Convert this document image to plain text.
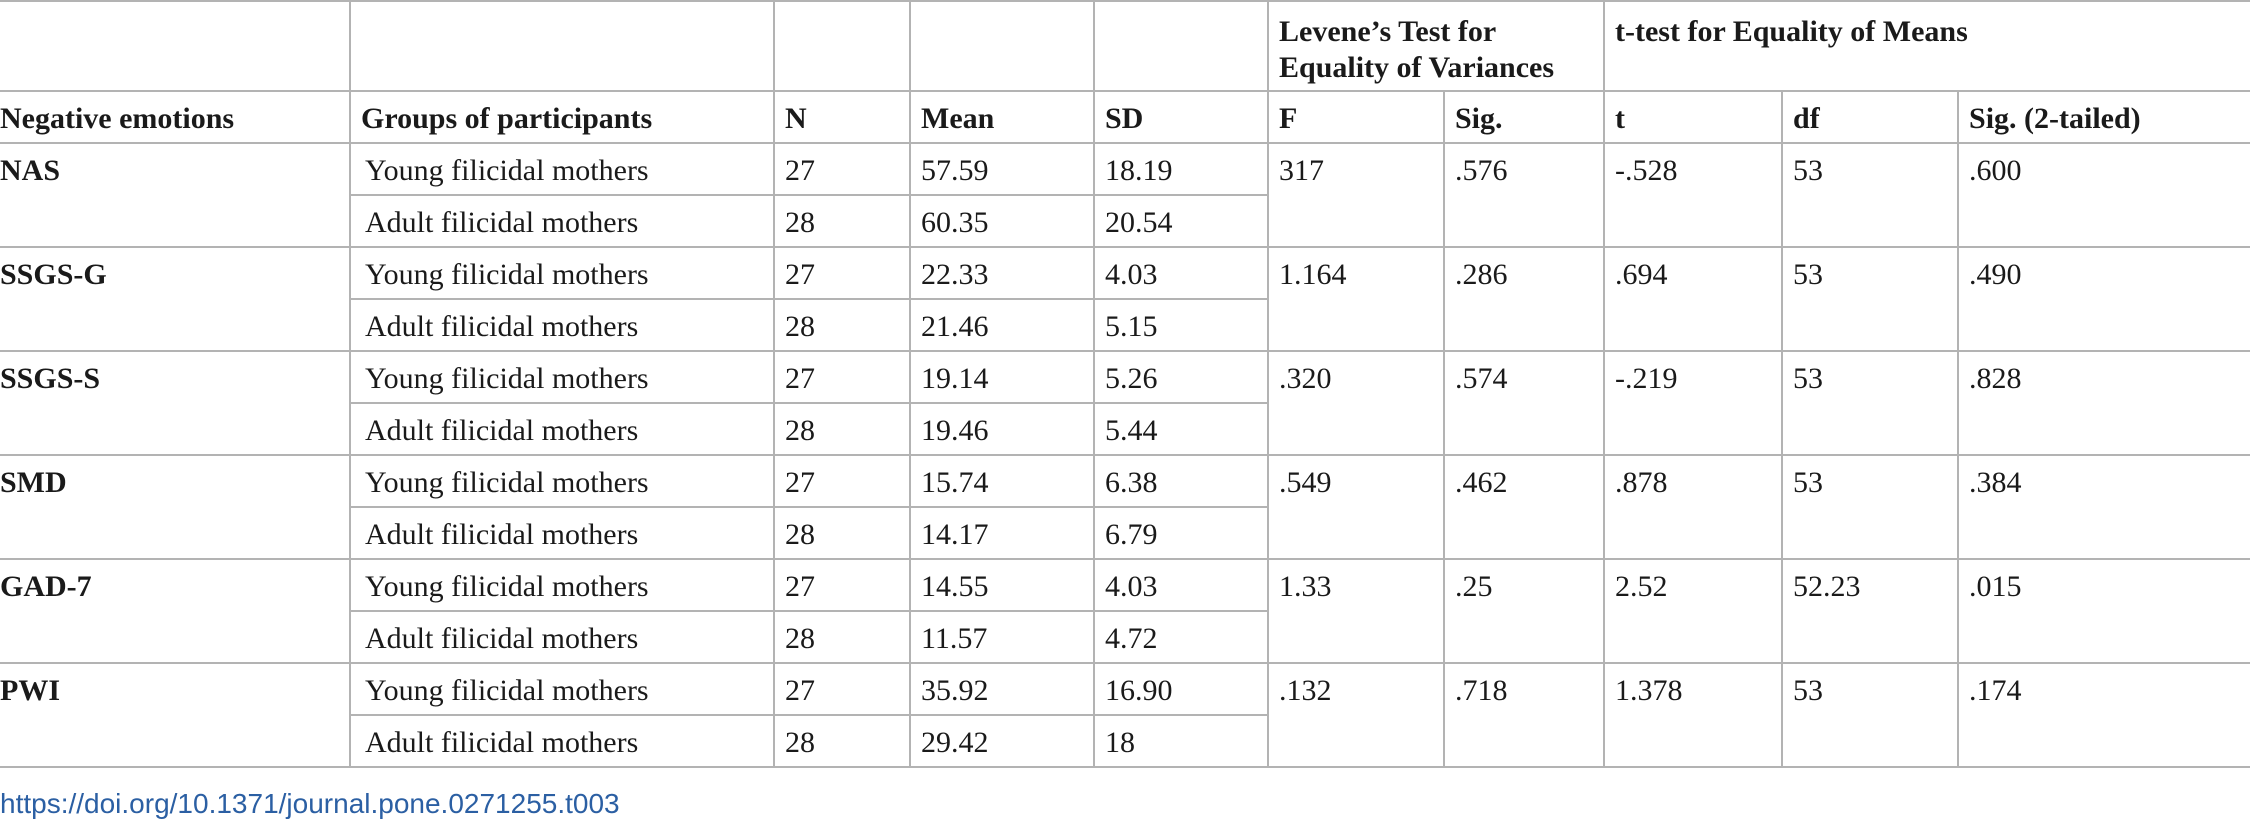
					Levene’s Test for Equality of Variances		t-test for Equality of Means		
Negative emotions	Groups of participants	N	Mean	SD	F	Sig.	t	df	Sig. (2-tailed)
NAS	Young filicidal mothers	27	57.59	18.19	317	.576	-.528	53	.600
	Adult filicidal mothers	28	60.35	20.54					
SSGS-G	Young filicidal mothers	27	22.33	4.03	1.164	.286	.694	53	.490
	Adult filicidal mothers	28	21.46	5.15					
SSGS-S	Young filicidal mothers	27	19.14	5.26	.320	.574	-.219	53	.828
	Adult filicidal mothers	28	19.46	5.44					
SMD	Young filicidal mothers	27	15.74	6.38	.549	.462	.878	53	.384
	Adult filicidal mothers	28	14.17	6.79					
GAD-7	Young filicidal mothers	27	14.55	4.03	1.33	.25	2.52	52.23	.015
	Adult filicidal mothers	28	11.57	4.72					
PWI	Young filicidal mothers	27	35.92	16.90	.132	.718	1.378	53	.174
	Adult filicidal mothers	28	29.42	18					
https://doi.org/10.1371/journal.pone.0271255.t003
